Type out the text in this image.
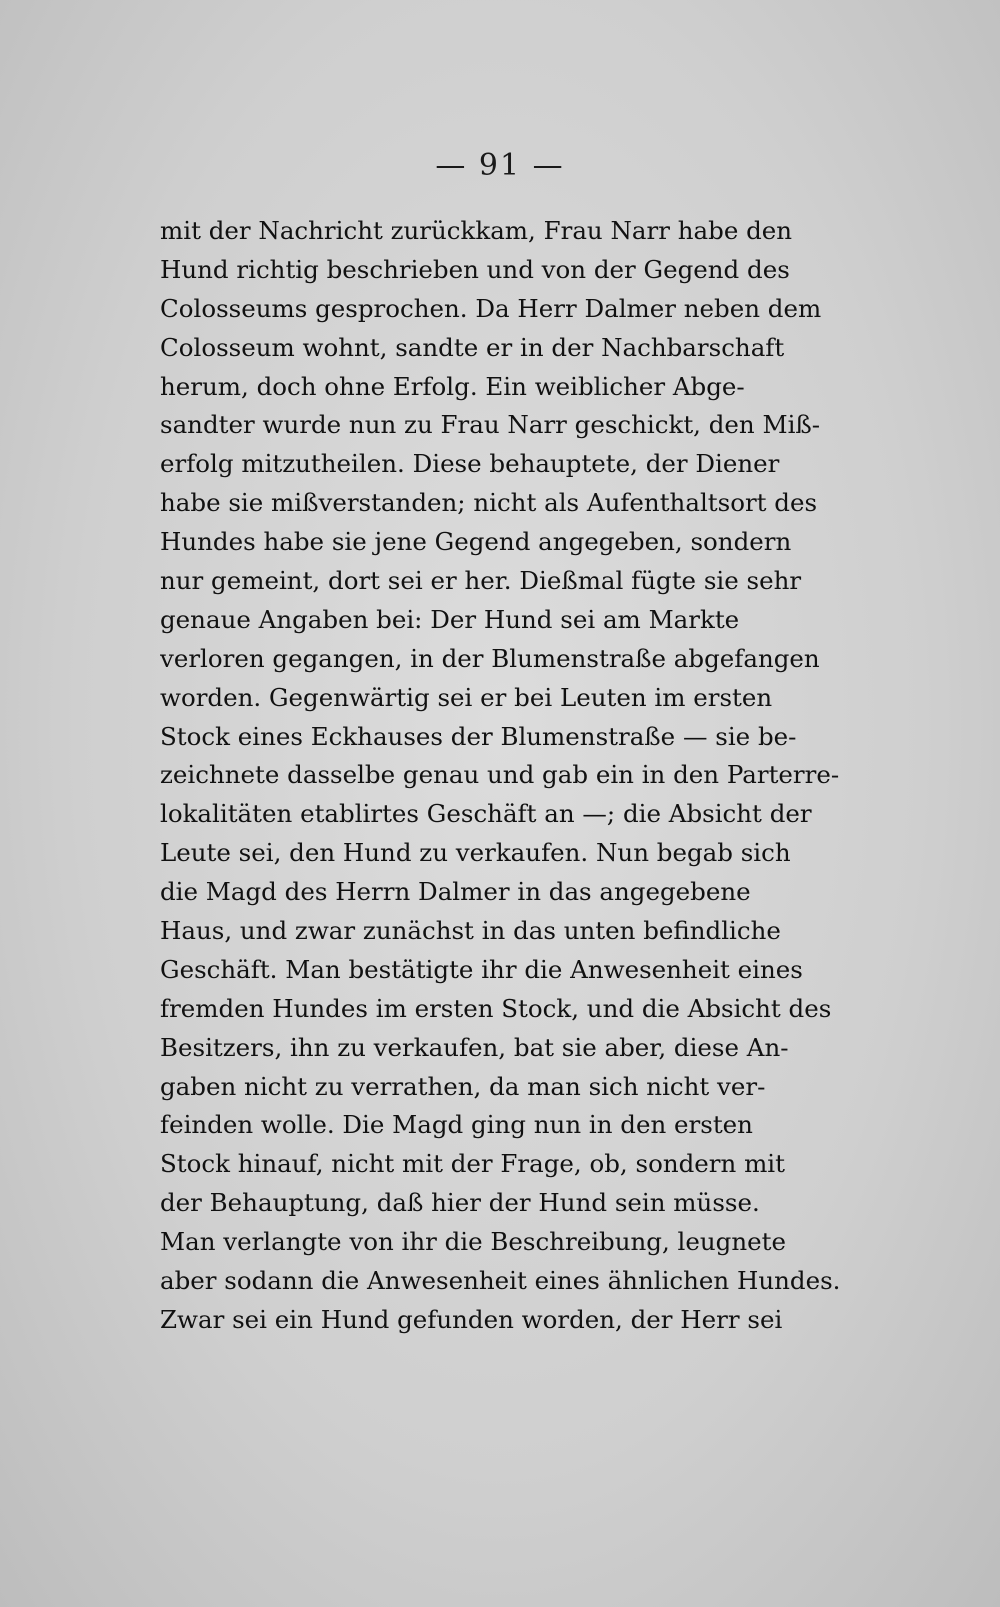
— 91 —
mit der Nachricht zurückkam, Frau Narr habe den
Hund richtig beschrieben und von der Gegend des
Colosseums gesprochen. Da Herr Dalmer neben dem
Colosseum wohnt, sandte er in der Nachbarschaft
herum, doch ohne Erfolg. Ein weiblicher Abge-
sandter wurde nun zu Frau Narr geschickt, den Miß-
erfolg mitzutheilen. Diese behauptete, der Diener
habe sie mißverstanden; nicht als Aufenthaltsort des
Hundes habe sie jene Gegend angegeben, sondern
nur gemeint, dort sei er her. Dießmal fügte sie sehr
genaue Angaben bei: Der Hund sei am Markte
verloren gegangen, in der Blumenstraße abgefangen
worden. Gegenwärtig sei er bei Leuten im ersten
Stock eines Eckhauses der Blumenstraße — sie be-
zeichnete dasselbe genau und gab ein in den Parterre-
lokalitäten etablirtes Geschäft an —; die Absicht der
Leute sei, den Hund zu verkaufen. Nun begab sich
die Magd des Herrn Dalmer in das angegebene
Haus, und zwar zunächst in das unten befindliche
Geschäft. Man bestätigte ihr die Anwesenheit eines
fremden Hundes im ersten Stock, und die Absicht des
Besitzers, ihn zu verkaufen, bat sie aber, diese An-
gaben nicht zu verrathen, da man sich nicht ver-
feinden wolle. Die Magd ging nun in den ersten
Stock hinauf, nicht mit der Frage, ob, sondern mit
der Behauptung, daß hier der Hund sein müsse.
Man verlangte von ihr die Beschreibung, leugnete
aber sodann die Anwesenheit eines ähnlichen Hundes.
Zwar sei ein Hund gefunden worden, der Herr sei
